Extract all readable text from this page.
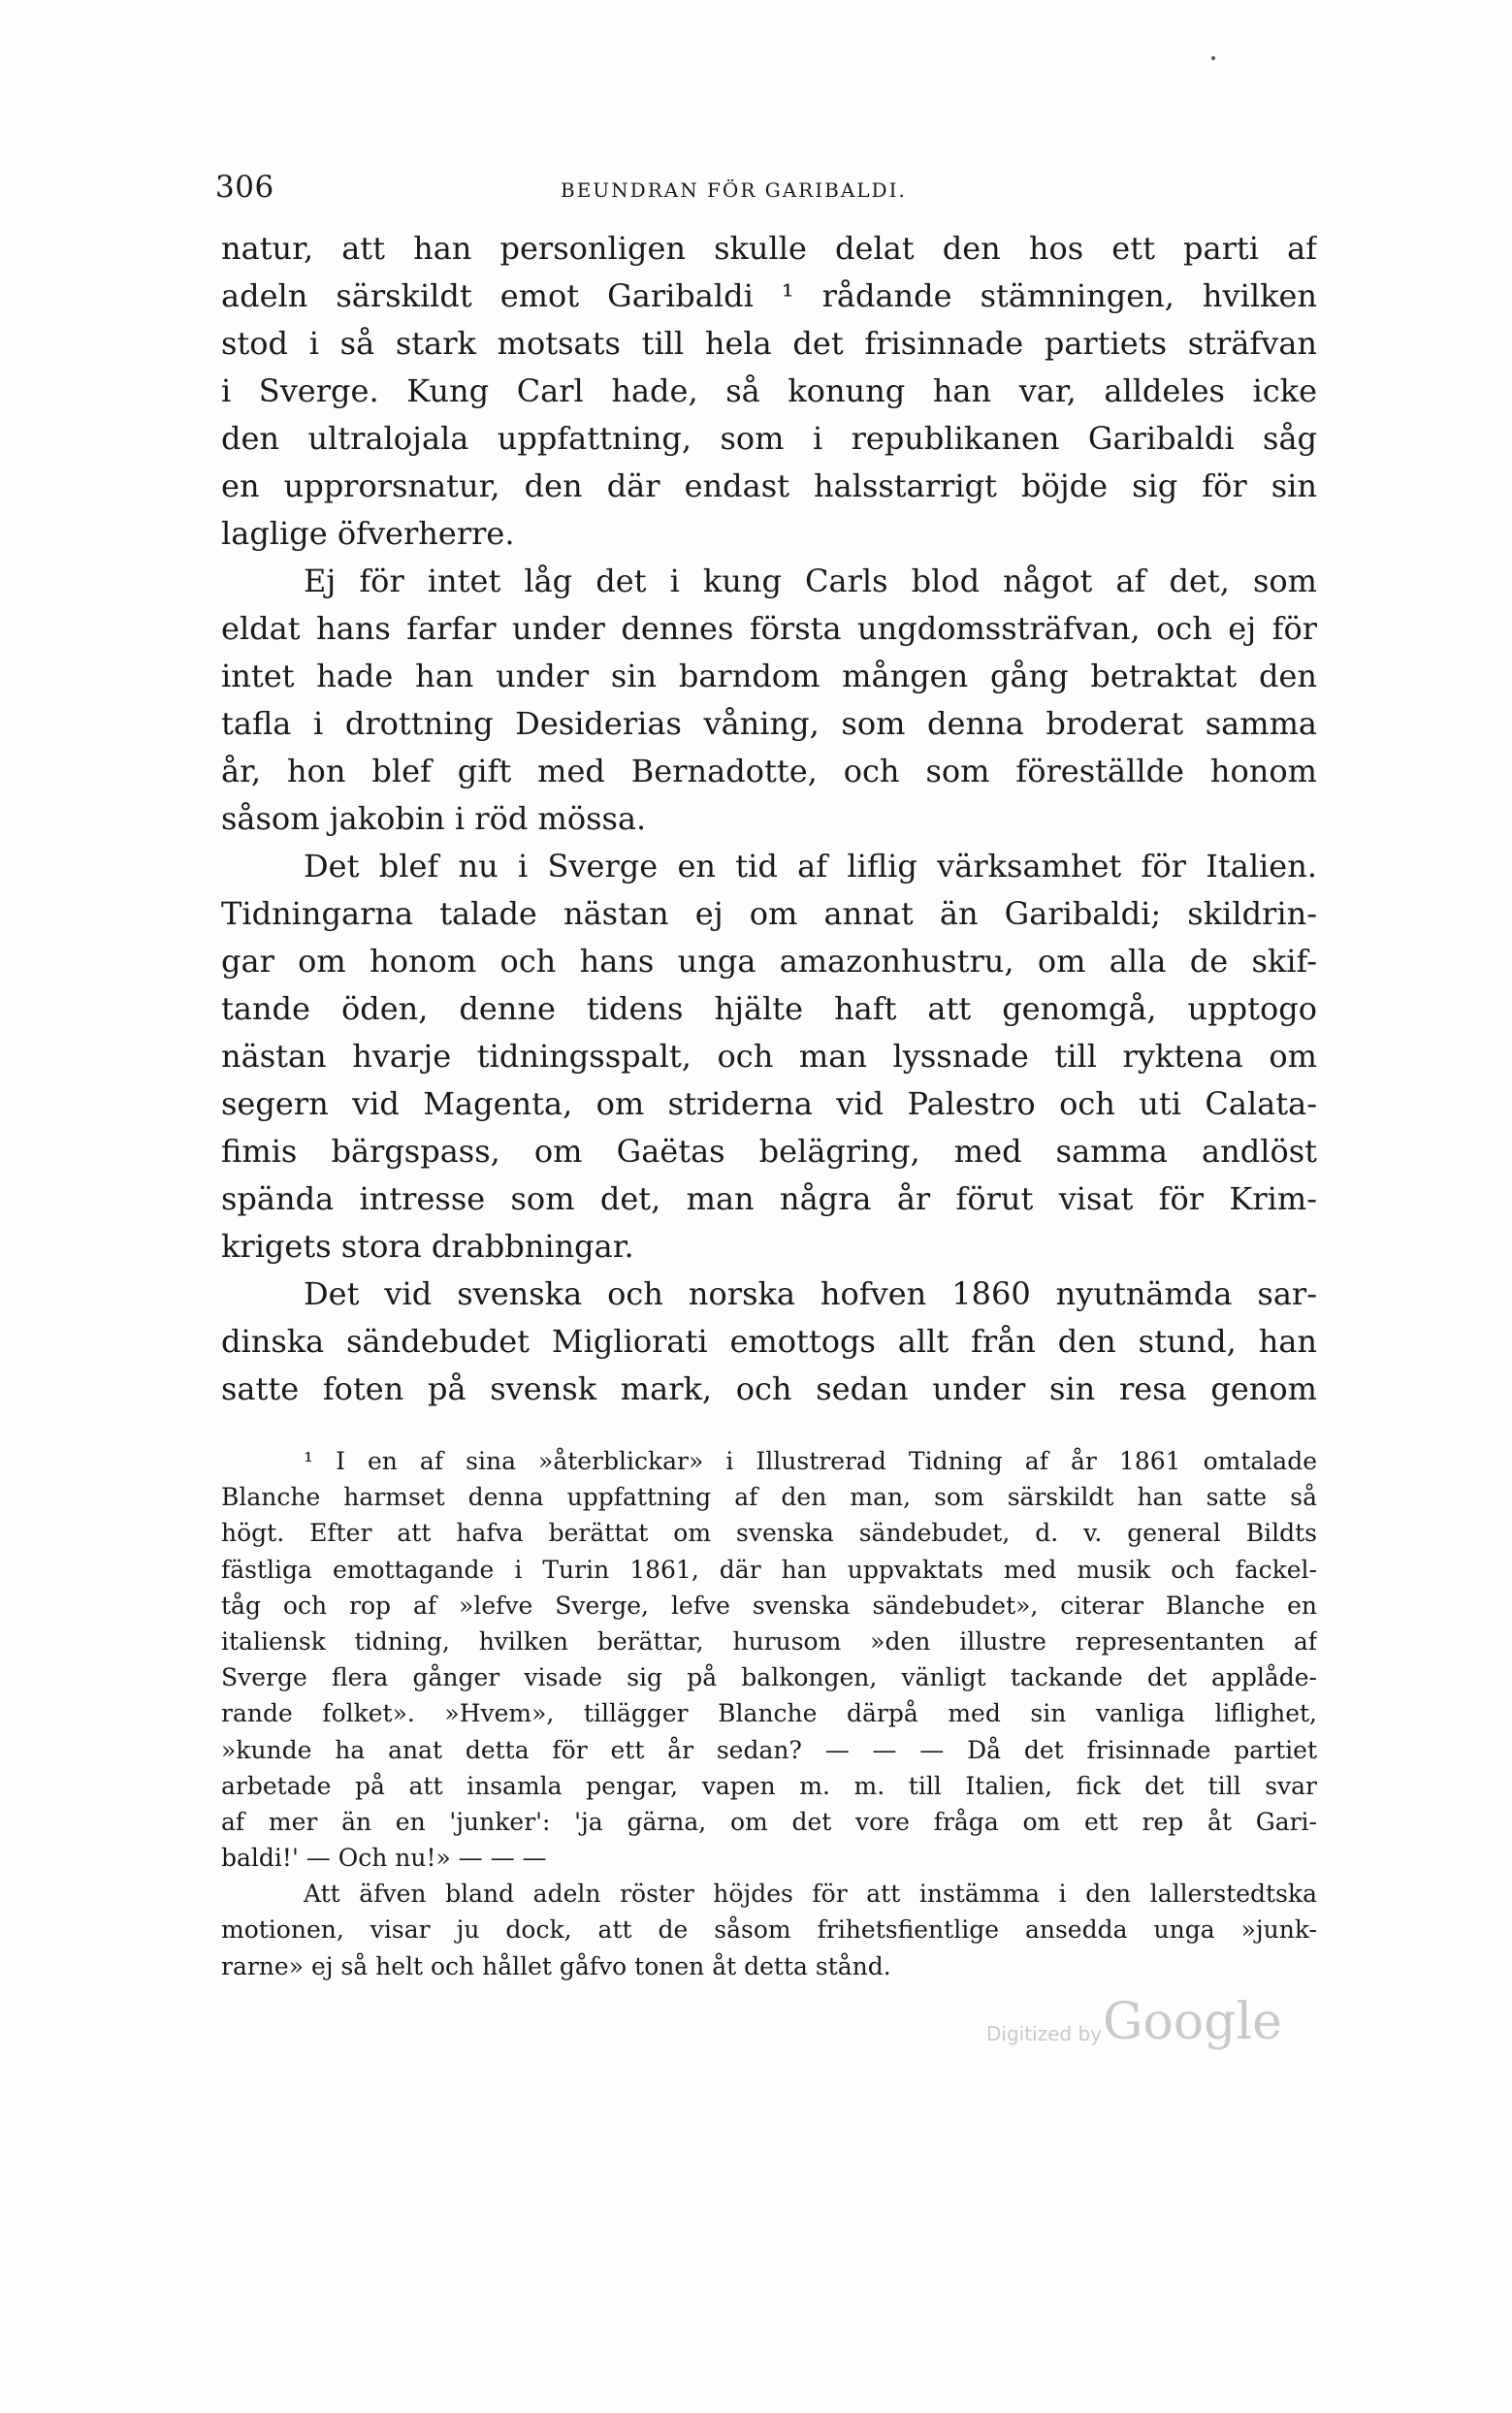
306	BEUNDRAN FÖR GARIBALDI.
natur, att han personligen skulle delat den hos ett parti af
adeln särskildt emot Garibaldi ¹ rådande stämningen, hvilken
stod i så stark motsats till hela det frisinnade partiets sträfvan
i Sverge. Kung Carl hade, så konung han var, alldeles icke
den ultralojala uppfattning, som i republikanen Garibaldi såg
en upprorsnatur, den där endast halsstarrigt böjde sig för sin
laglige öfverherre.
Ej för intet låg det i kung Carls blod något af det, som
eldat hans farfar under dennes första ungdomssträfvan, och ej för
intet hade han under sin barndom mången gång betraktat den
tafla i drottning Desiderias våning, som denna broderat samma
år, hon blef gift med Bernadotte, och som föreställde honom
såsom jakobin i röd mössa.
Det blef nu i Sverge en tid af liflig värksamhet för Italien.
Tidningarna talade nästan ej om annat än Garibaldi; skildrin-
gar om honom och hans unga amazonhustru, om alla de skif-
tande öden, denne tidens hjälte haft att genomgå, upptogo
nästan hvarje tidningsspalt, och man lyssnade till ryktena om
segern vid Magenta, om striderna vid Palestro och uti Calata-
fimis bärgspass, om Gaëtas belägring, med samma andlöst
spända intresse som det, man några år förut visat för Krim-
krigets stora drabbningar.
Det vid svenska och norska hofven 1860 nyutnämda sar-
dinska sändebudet Migliorati emottogs allt från den stund, han
satte foten på svensk mark, och sedan under sin resa genom
¹ I en af sina »återblickar» i Illustrerad Tidning af år 1861 omtalade
Blanche harmset denna uppfattning af den man, som särskildt han satte så
högt. Efter att hafva berättat om svenska sändebudet, d. v. general Bildts
fästliga emottagande i Turin 1861, där han uppvaktats med musik och fackel-
tåg och rop af »lefve Sverge, lefve svenska sändebudet», citerar Blanche en
italiensk tidning, hvilken berättar, hurusom »den illustre representanten af
Sverge flera gånger visade sig på balkongen, vänligt tackande det applåde-
rande folket». »Hvem», tillägger Blanche därpå med sin vanliga liflighet,
»kunde ha anat detta för ett år sedan? — — — Då det frisinnade partiet
arbetade på att insamla pengar, vapen m. m. till Italien, fick det till svar
af mer än en 'junker': 'ja gärna, om det vore fråga om ett rep åt Gari-
baldi!' — Och nu!» — — —
Att äfven bland adeln röster höjdes för att instämma i den lallerstedtska
motionen, visar ju dock, att de såsom frihetsfientlige ansedda unga »junk-
rarne» ej så helt och hållet gåfvo tonen åt detta stånd.
Digitized by Google
